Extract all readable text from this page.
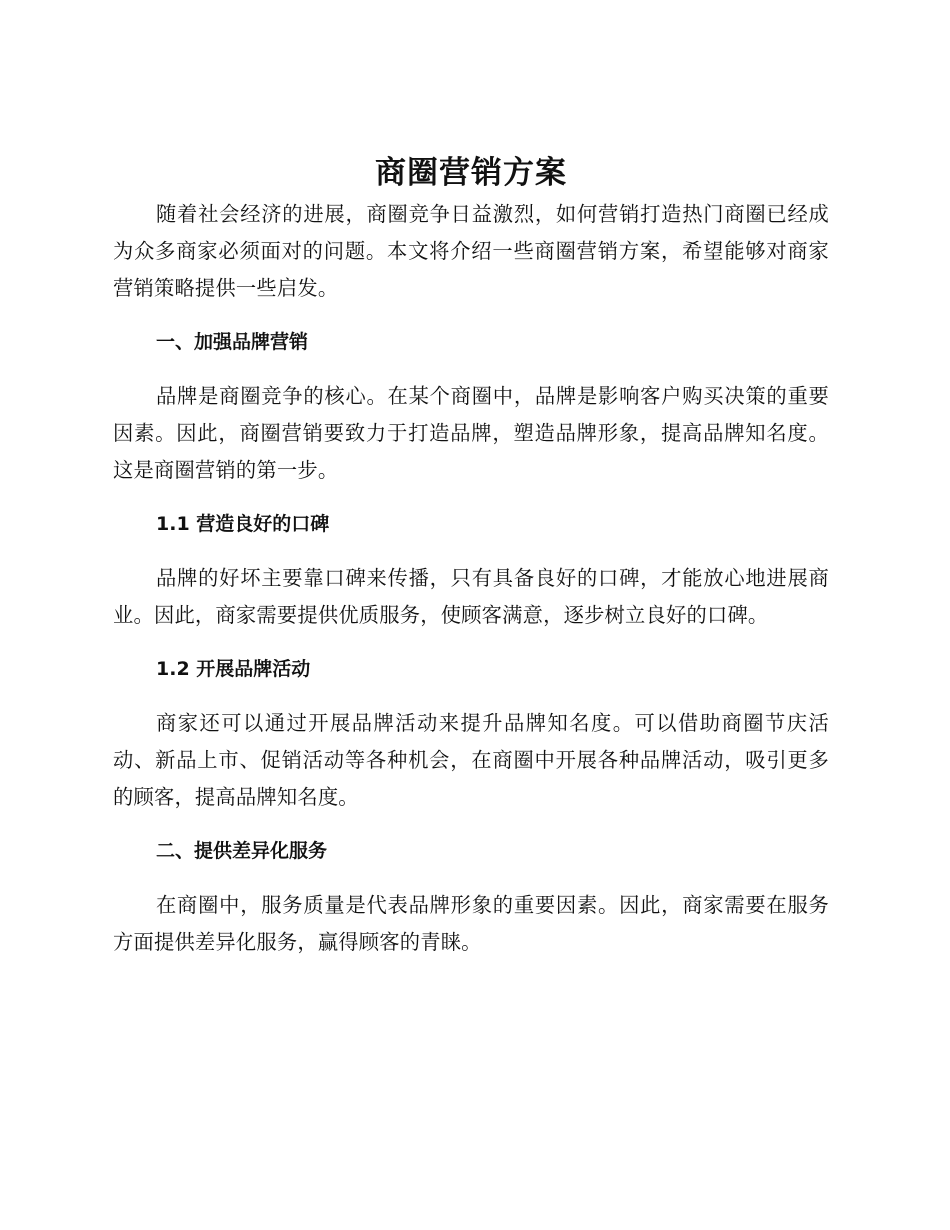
商圈营销方案

随着社会经济的进展，商圈竞争日益激烈，如何营销打造热门商圈已经成为众多商家必须面对的问题。本文将介绍一些商圈营销方案，希望能够对商家营销策略提供一些启发。

一、加强品牌营销

品牌是商圈竞争的核心。在某个商圈中，品牌是影响客户购买决策的重要因素。因此，商圈营销要致力于打造品牌，塑造品牌形象，提高品牌知名度。这是商圈营销的第一步。

1.1 营造良好的口碑

品牌的好坏主要靠口碑来传播，只有具备良好的口碑，才能放心地进展商业。因此，商家需要提供优质服务，使顾客满意，逐步树立良好的口碑。

1.2 开展品牌活动

商家还可以通过开展品牌活动来提升品牌知名度。可以借助商圈节庆活动、新品上市、促销活动等各种机会，在商圈中开展各种品牌活动，吸引更多的顾客，提高品牌知名度。

二、提供差异化服务

在商圈中，服务质量是代表品牌形象的重要因素。因此，商家需要在服务方面提供差异化服务，赢得顾客的青睐。
